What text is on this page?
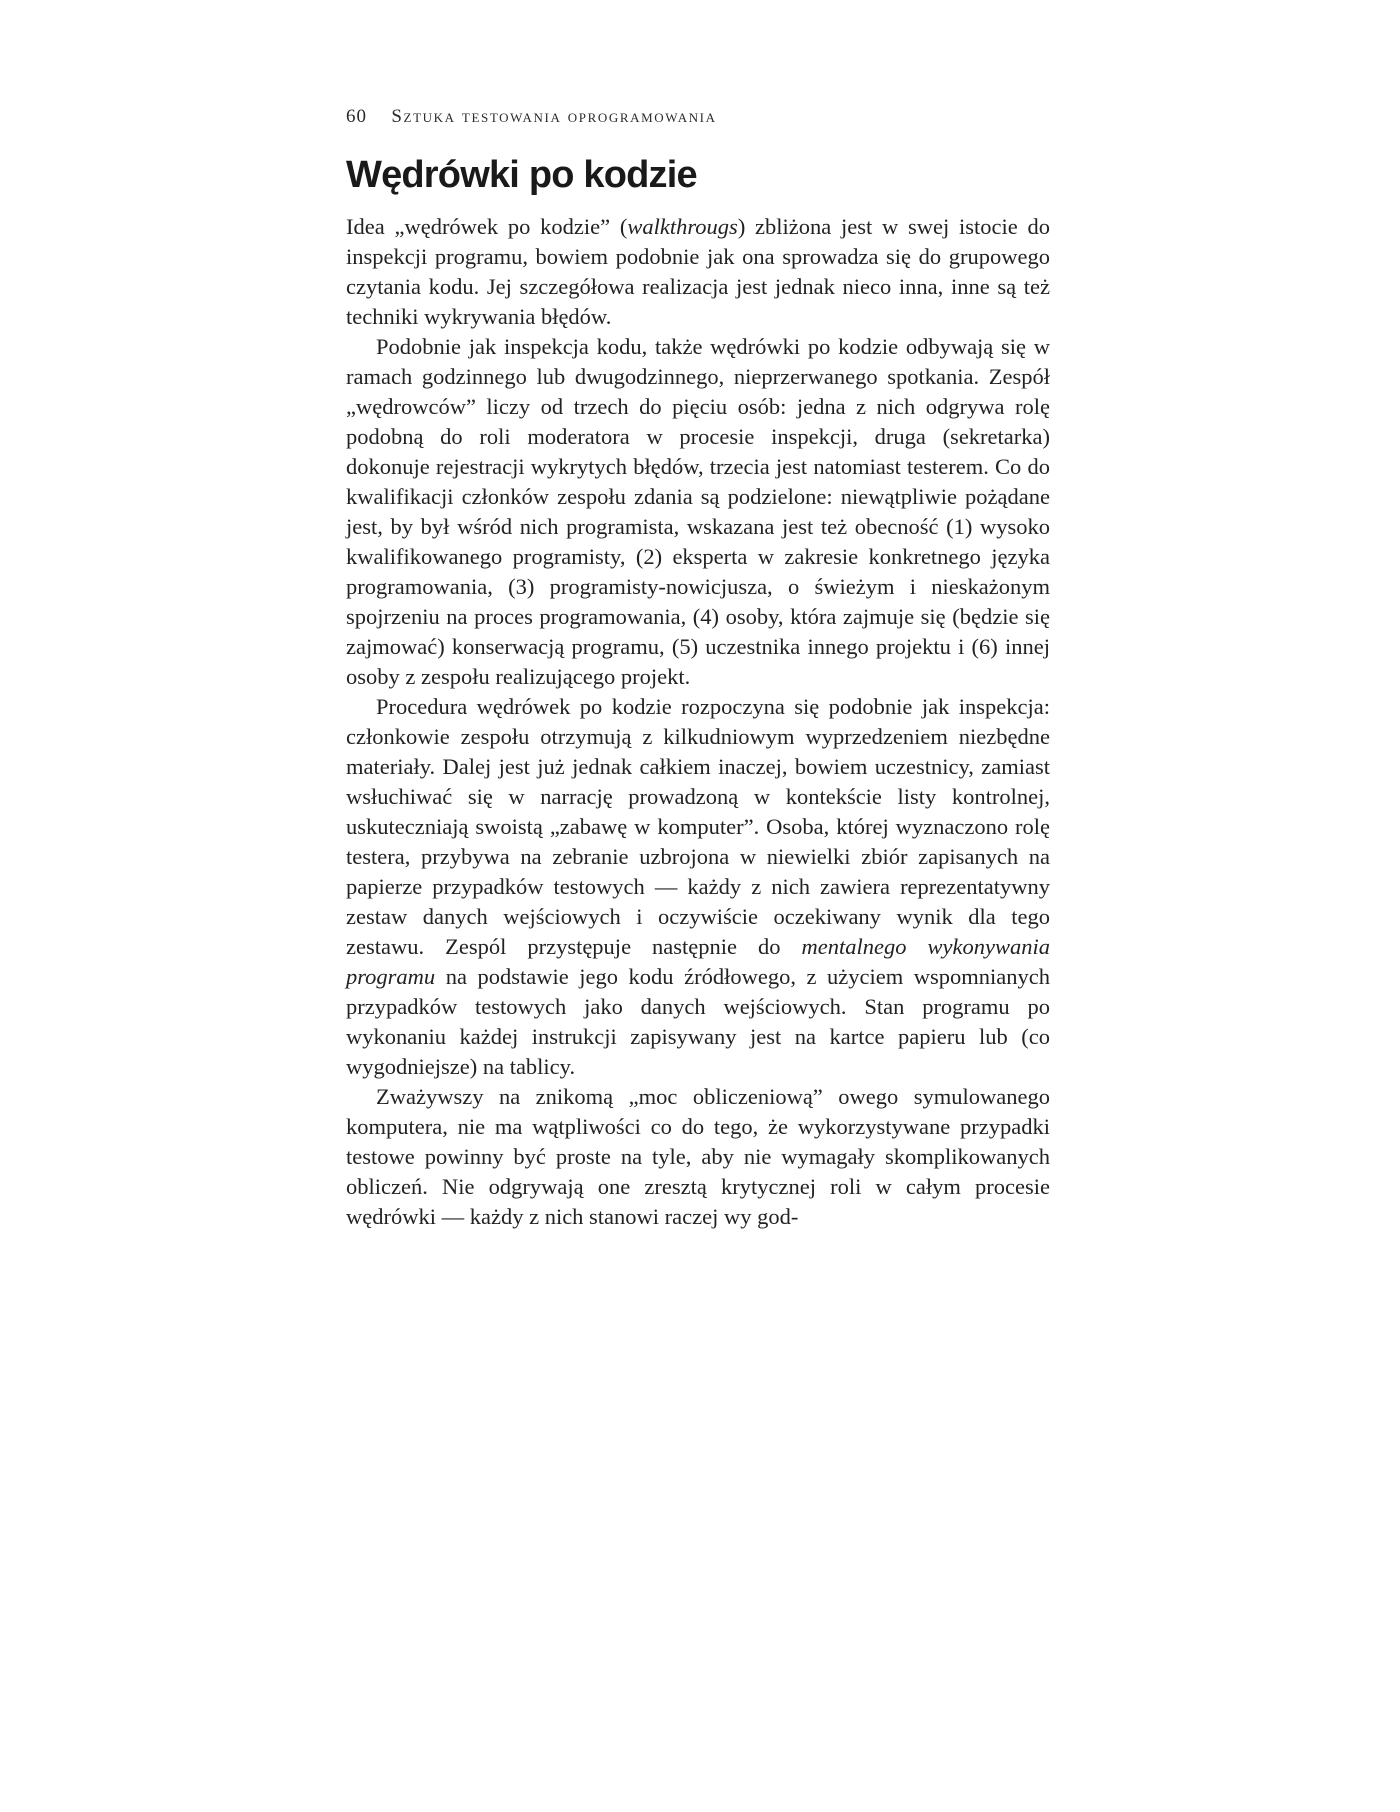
60 Sztuka testowania oprogramowania
Wędrówki po kodzie

Idea „wędrówek po kodzie” (walkthrougs) zbliżona jest w swej istocie do inspekcji programu, bowiem podobnie jak ona sprowadza się do grupowego czytania kodu. Jej szczegółowa realizacja jest jednak nieco inna, inne są też techniki wykrywania błędów.

Podobnie jak inspekcja kodu, także wędrówki po kodzie odbywają się w ramach godzinnego lub dwugodzinnego, nieprzerwanego spotkania. Zespół „wędrowców” liczy od trzech do pięciu osób: jedna z nich odgrywa rolę podobną do roli moderatora w procesie inspekcji, druga (sekretarka) dokonuje rejestracji wykrytych błędów, trzecia jest natomiast testerem. Co do kwalifikacji członków zespołu zdania są podzielone: niewątpliwie pożądane jest, by był wśród nich programista, wskazana jest też obecność (1) wysoko kwalifikowanego programisty, (2) eksperta w zakresie konkretnego języka programowania, (3) programisty-nowicjusza, o świeżym i nieskażonym spojrzeniu na proces programowania, (4) osoby, która zajmuje się (będzie się zajmować) konserwacją programu, (5) uczestnika innego projektu i (6) innej osoby z zespołu realizującego projekt.

Procedura wędrówek po kodzie rozpoczyna się podobnie jak inspekcja: członkowie zespołu otrzymują z kilkudniowym wyprzedzeniem niezbędne materiały. Dalej jest już jednak całkiem inaczej, bowiem uczestnicy, zamiast wsłuchiwać się w narrację prowadzoną w kontekście listy kontrolnej, uskuteczniają swoistą „zabawę w komputer”. Osoba, której wyznaczono rolę testera, przybywa na zebranie uzbrojona w niewielki zbiór zapisanych na papierze przypadków testowych — każdy z nich zawiera reprezentatywny zestaw danych wejściowych i oczywiście oczekiwany wynik dla tego zestawu. Zespól przystępuje następnie do mentalnego wykonywania programu na podstawie jego kodu źródłowego, z użyciem wspomnianych przypadków testowych jako danych wejściowych. Stan programu po wykonaniu każdej instrukcji zapisywany jest na kartce papieru lub (co wygodniejsze) na tablicy.

Zważywszy na znikomą „moc obliczeniową” owego symulowanego komputera, nie ma wątpliwości co do tego, że wykorzystywane przypadki testowe powinny być proste na tyle, aby nie wymagały skomplikowanych obliczeń. Nie odgrywają one zresztą krytycznej roli w całym procesie wędrówki — każdy z nich stanowi raczej wy god-
